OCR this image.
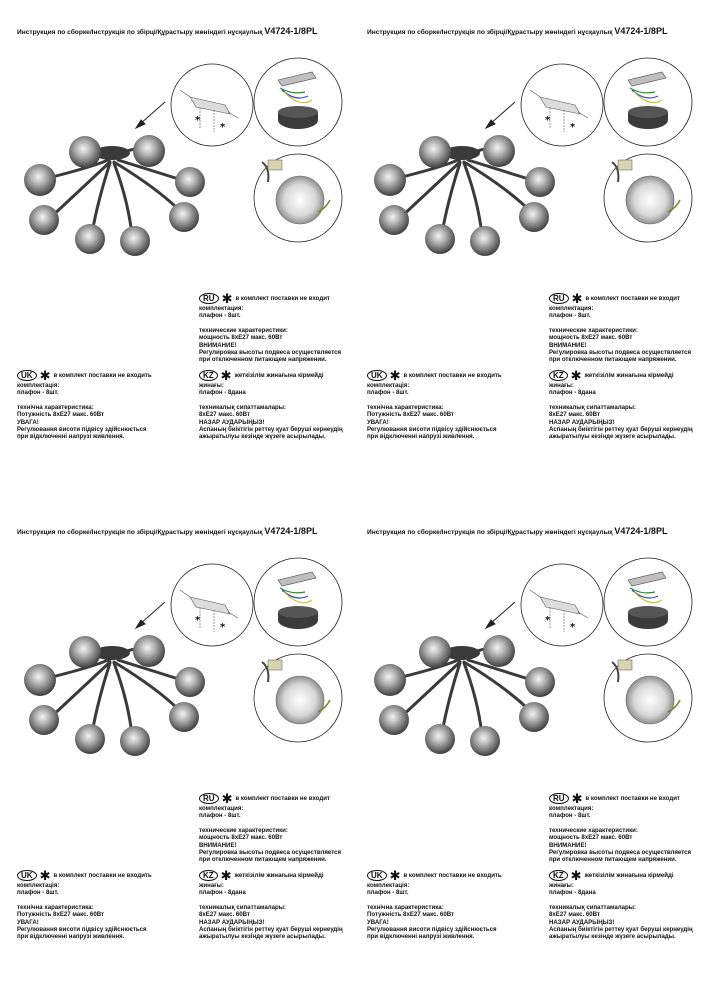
Инструкция по сборке/Інструкція по збірці/Құрастыру жөніндегі нұсқаулық V4724-1/8PL
*
*
RU ✱ в комплект поставки не входит
комплектация:
плафон - 8шт.
технические характеристики:
мощность 8хЕ27 макс. 60Вт
ВНИМАНИЕ!
Регулировка высоты подвеса осуществляется
при отключенном питающем напряжении.
KZ ✱ жеткізілім жинағына кірмейді
жинағы:
плафон - 8дана
техникалық сипаттамалары:
8хЕ27 макс. 60Вт
НАЗАР АУДАРЫҢЫЗ!
Аспаның биіктігін реттеу қуат беруші кернеудің
ажыратылуы кезінде жүзеге асырылады.
UK ✱ в комплект поставки не входить
комплектація:
плафон - 8шт.
технічна характеристика:
Потужність 8хЕ27 макс. 60Вт
УВАГА!
Регулювання висоти підвісу здійснюється
при відключенні напрузі живлення.
Инструкция по сборке/Інструкція по збірці/Құрастыру жөніндегі нұсқаулық V4724-1/8PL
*
*
RU ✱ в комплект поставки не входит
комплектация:
плафон - 8шт.
технические характеристики:
мощность 8хЕ27 макс. 60Вт
ВНИМАНИЕ!
Регулировка высоты подвеса осуществляется
при отключенном питающем напряжении.
KZ ✱ жеткізілім жинағына кірмейді
жинағы:
плафон - 8дана
техникалық сипаттамалары:
8хЕ27 макс. 60Вт
НАЗАР АУДАРЫҢЫЗ!
Аспаның биіктігін реттеу қуат беруші кернеудің
ажыратылуы кезінде жүзеге асырылады.
UK ✱ в комплект поставки не входить
комплектація:
плафон - 8шт.
технічна характеристика:
Потужність 8хЕ27 макс. 60Вт
УВАГА!
Регулювання висоти підвісу здійснюється
при відключенні напрузі живлення.
Инструкция по сборке/Інструкція по збірці/Құрастыру жөніндегі нұсқаулық V4724-1/8PL
*
*
RU ✱ в комплект поставки не входит
комплектация:
плафон - 8шт.
технические характеристики:
мощность 8хЕ27 макс. 60Вт
ВНИМАНИЕ!
Регулировка высоты подвеса осуществляется
при отключенном питающем напряжении.
KZ ✱ жеткізілім жинағына кірмейді
жинағы:
плафон - 8дана
техникалық сипаттамалары:
8хЕ27 макс. 60Вт
НАЗАР АУДАРЫҢЫЗ!
Аспаның биіктігін реттеу қуат беруші кернеудің
ажыратылуы кезінде жүзеге асырылады.
UK ✱ в комплект поставки не входить
комплектація:
плафон - 8шт.
технічна характеристика:
Потужність 8хЕ27 макс. 60Вт
УВАГА!
Регулювання висоти підвісу здійснюється
при відключенні напрузі живлення.
Инструкция по сборке/Інструкція по збірці/Құрастыру жөніндегі нұсқаулық V4724-1/8PL
*
*
RU ✱ в комплект поставки не входит
комплектация:
плафон - 8шт.
технические характеристики:
мощность 8хЕ27 макс. 60Вт
ВНИМАНИЕ!
Регулировка высоты подвеса осуществляется
при отключенном питающем напряжении.
KZ ✱ жеткізілім жинағына кірмейді
жинағы:
плафон - 8дана
техникалық сипаттамалары:
8хЕ27 макс. 60Вт
НАЗАР АУДАРЫҢЫЗ!
Аспаның биіктігін реттеу қуат беруші кернеудің
ажыратылуы кезінде жүзеге асырылады.
UK ✱ в комплект поставки не входить
комплектація:
плафон - 8шт.
технічна характеристика:
Потужність 8хЕ27 макс. 60Вт
УВАГА!
Регулювання висоти підвісу здійснюється
при відключенні напрузі живлення.
